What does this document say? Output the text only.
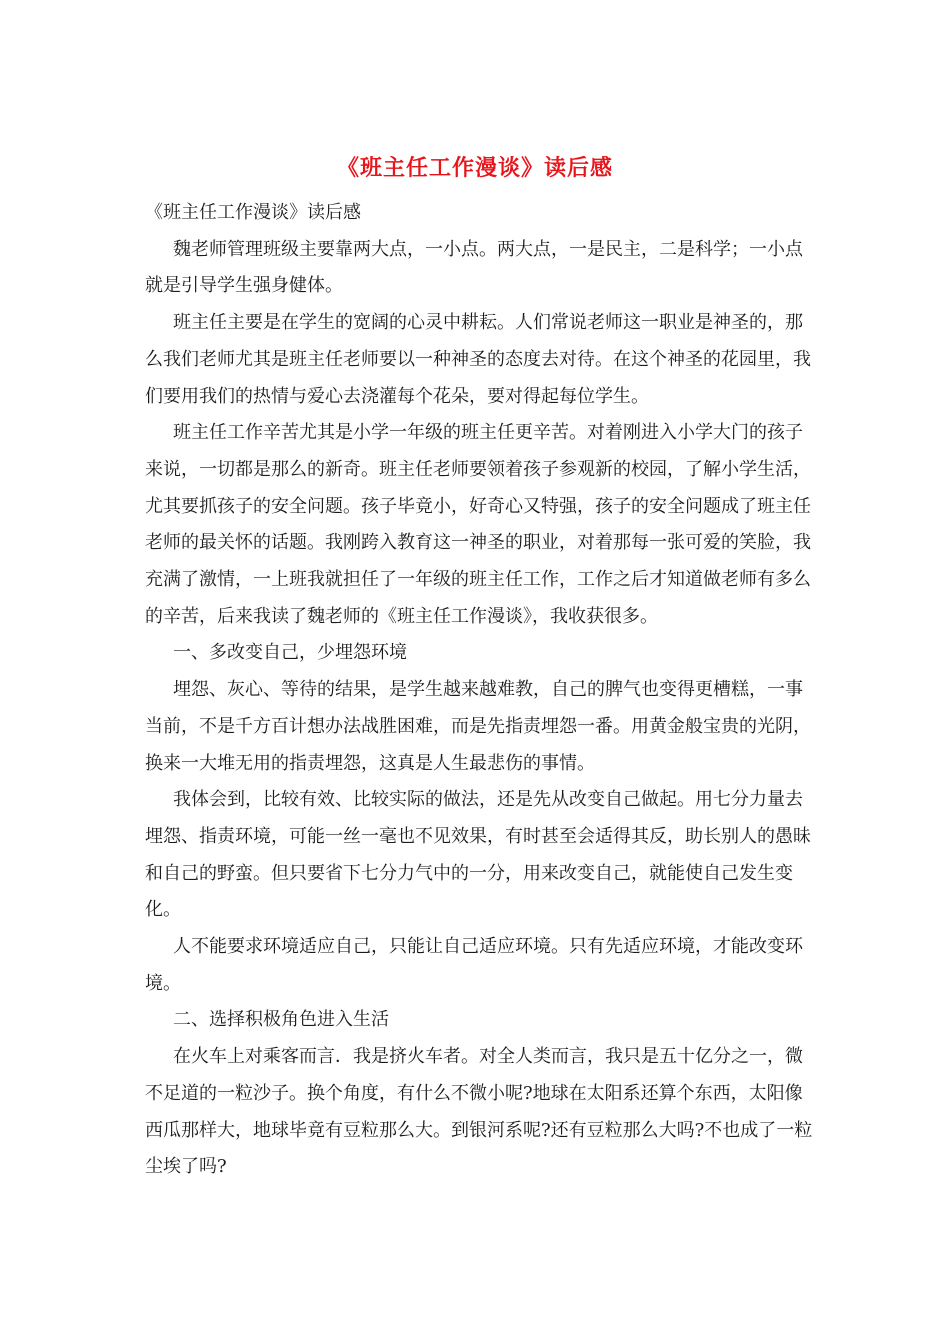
《班主任工作漫谈》读后感

《班主任工作漫谈》读后感

魏老师管理班级主要靠两大点，一小点。两大点，一是民主，二是科学；一小点就是引导学生强身健体。

班主任主要是在学生的宽阔的心灵中耕耘。人们常说老师这一职业是神圣的，那么我们老师尤其是班主任老师要以一种神圣的态度去对待。在这个神圣的花园里，我们要用我们的热情与爱心去浇灌每个花朵，要对得起每位学生。

班主任工作辛苦尤其是小学一年级的班主任更辛苦。对着刚进入小学大门的孩子来说，一切都是那么的新奇。班主任老师要领着孩子参观新的校园，了解小学生活，尤其要抓孩子的安全问题。孩子毕竟小，好奇心又特强，孩子的安全问题成了班主任老师的最关怀的话题。我刚跨入教育这一神圣的职业，对着那每一张可爱的笑脸，我充满了激情，一上班我就担任了一年级的班主任工作，工作之后才知道做老师有多么的辛苦，后来我读了魏老师的《班主任工作漫谈》，我收获很多。

一、多改变自己，少埋怨环境

埋怨、灰心、等待的结果，是学生越来越难教，自己的脾气也变得更槽糕，一事当前，不是千方百计想办法战胜困难，而是先指责埋怨一番。用黄金般宝贵的光阴，换来一大堆无用的指责埋怨，这真是人生最悲伤的事情。

我体会到，比较有效、比较实际的做法，还是先从改变自己做起。用七分力量去埋怨、指责环境，可能一丝一毫也不见效果，有时甚至会适得其反，助长别人的愚昧和自己的野蛮。但只要省下七分力气中的一分，用来改变自己，就能使自己发生变化。

人不能要求环境适应自己，只能让自己适应环境。只有先适应环境，才能改变环境。

二、选择积极角色进入生活

在火车上对乘客而言．我是挤火车者。对全人类而言，我只是五十亿分之一，微不足道的一粒沙子。换个角度，有什么不微小呢?地球在太阳系还算个东西，太阳像西瓜那样大，地球毕竟有豆粒那么大。到银河系呢?还有豆粒那么大吗?不也成了一粒尘埃了吗?
